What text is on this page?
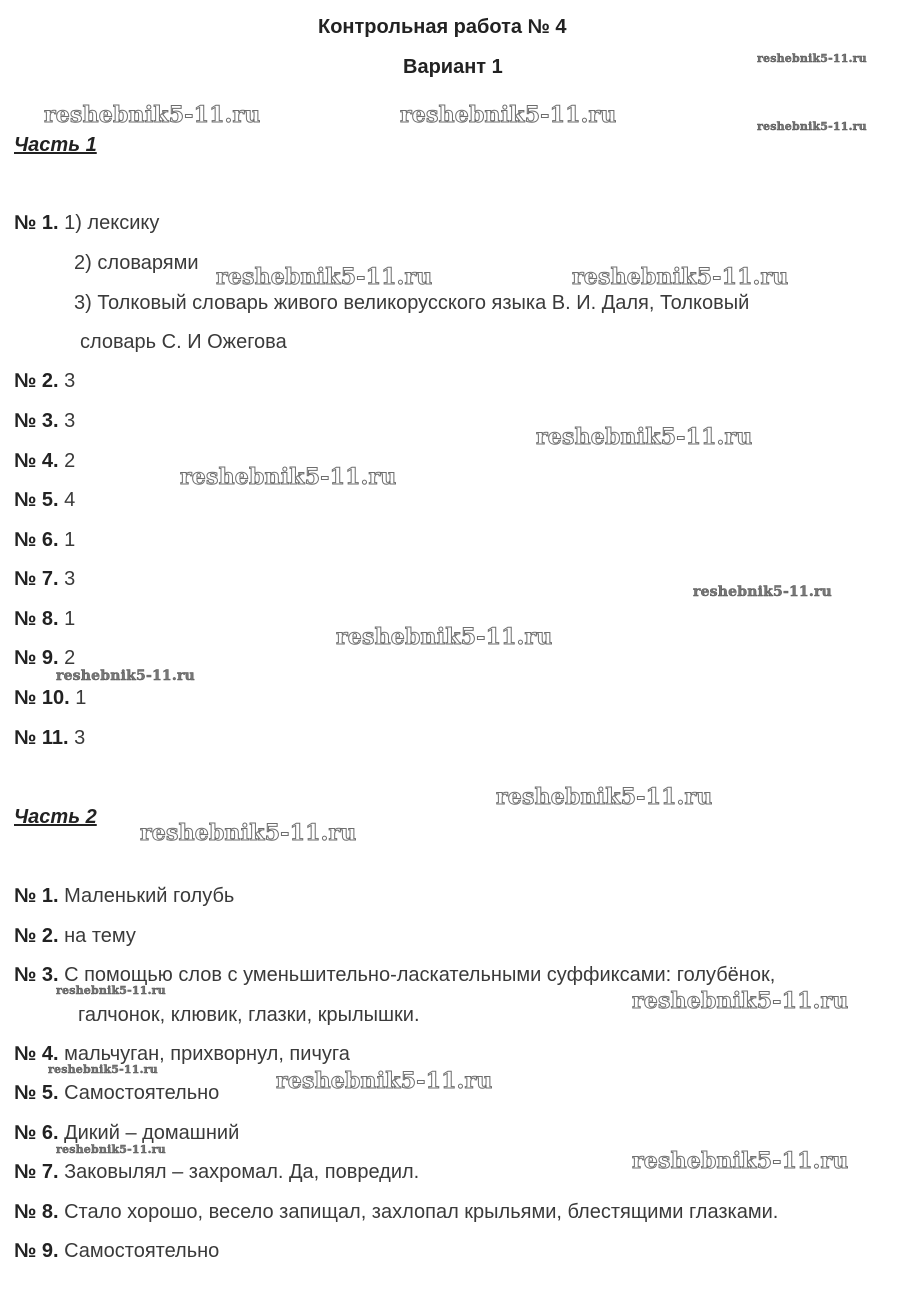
Контрольная работа № 4
Вариант 1
Часть 1
№ 1. 1) лексику
2) словарями
3) Толковый словарь живого великорусского языка В. И. Даля, Толковый
словарь С. И Ожегова
№ 2. 3
№ 3. 3
№ 4. 2
№ 5. 4
№ 6. 1
№ 7. 3
№ 8. 1
№ 9. 2
№ 10. 1
№ 11. 3
Часть 2
№ 1. Маленький голубь
№ 2. на тему
№ 3. С помощью слов с уменьшительно-ласкательными суффиксами: голубёнок,
галчонок, клювик, глазки, крылышки.
№ 4. мальчуган, прихворнул, пичуга
№ 5. Самостоятельно
№ 6. Дикий – домашний
№ 7. Заковылял – захромал. Да, повредил.
№ 8. Стало хорошо, весело запищал, захлопал крыльями, блестящими глазками.
№ 9. Самостоятельно
reshebnik5-11.ru
reshebnik5-11.ru
reshebnik5-11.ru	reshebnik5-11.ru
reshebnik5-11.ru	reshebnik5-11.ru
reshebnik5-11.ru
reshebnik5-11.ru
reshebnik5-11.ru
reshebnik5-11.ru
reshebnik5-11.ru
reshebnik5-11.ru
reshebnik5-11.ru
reshebnik5-11.ru	reshebnik5-11.ru
reshebnik5-11.ru	reshebnik5-11.ru
reshebnik5-11.ru	reshebnik5-11.ru
